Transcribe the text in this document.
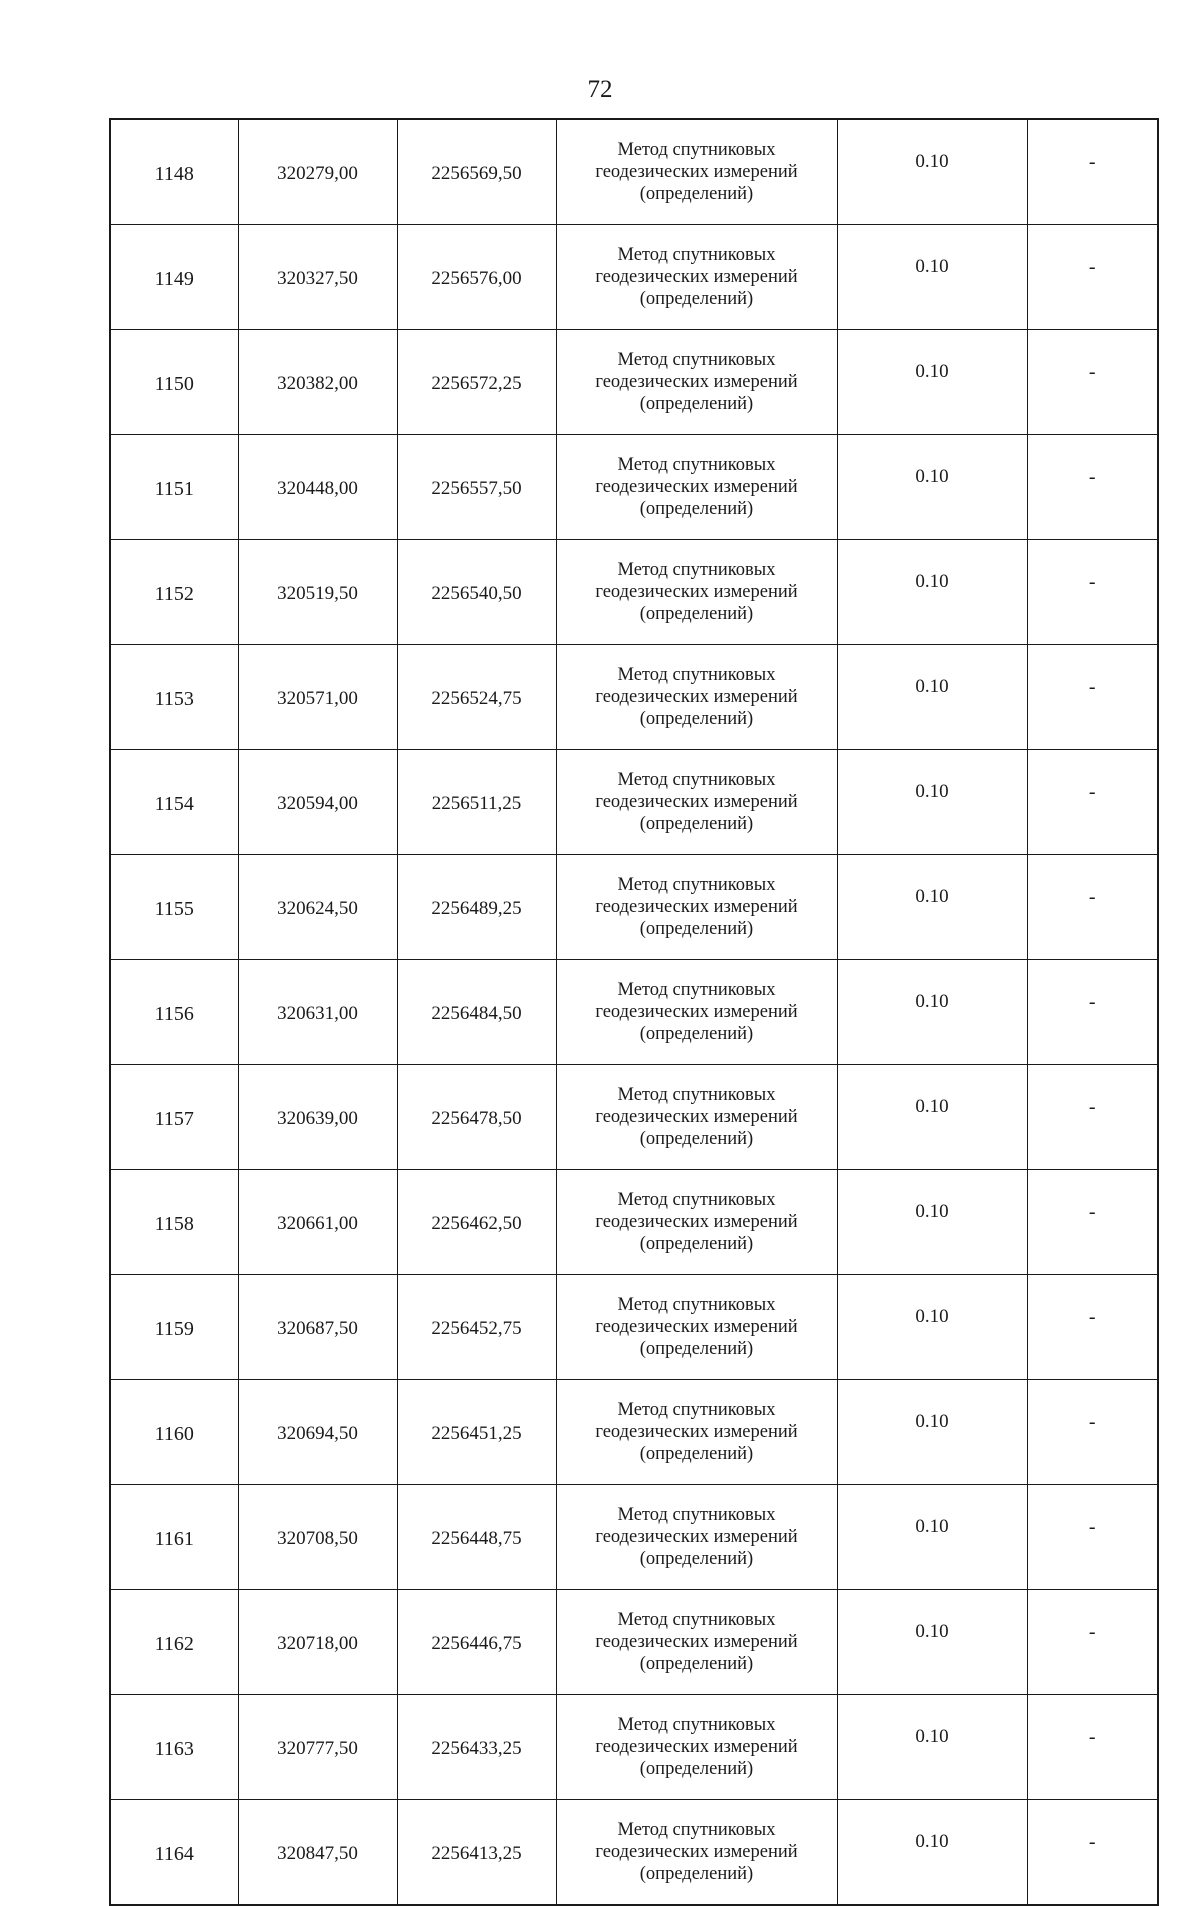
72
1148	320279,00	2256569,50	Метод спутниковых
геодезических измерений
(определений)	0.10	-
1149	320327,50	2256576,00	Метод спутниковых
геодезических измерений
(определений)	0.10	-
1150	320382,00	2256572,25	Метод спутниковых
геодезических измерений
(определений)	0.10	-
1151	320448,00	2256557,50	Метод спутниковых
геодезических измерений
(определений)	0.10	-
1152	320519,50	2256540,50	Метод спутниковых
геодезических измерений
(определений)	0.10	-
1153	320571,00	2256524,75	Метод спутниковых
геодезических измерений
(определений)	0.10	-
1154	320594,00	2256511,25	Метод спутниковых
геодезических измерений
(определений)	0.10	-
1155	320624,50	2256489,25	Метод спутниковых
геодезических измерений
(определений)	0.10	-
1156	320631,00	2256484,50	Метод спутниковых
геодезических измерений
(определений)	0.10	-
1157	320639,00	2256478,50	Метод спутниковых
геодезических измерений
(определений)	0.10	-
1158	320661,00	2256462,50	Метод спутниковых
геодезических измерений
(определений)	0.10	-
1159	320687,50	2256452,75	Метод спутниковых
геодезических измерений
(определений)	0.10	-
1160	320694,50	2256451,25	Метод спутниковых
геодезических измерений
(определений)	0.10	-
1161	320708,50	2256448,75	Метод спутниковых
геодезических измерений
(определений)	0.10	-
1162	320718,00	2256446,75	Метод спутниковых
геодезических измерений
(определений)	0.10	-
1163	320777,50	2256433,25	Метод спутниковых
геодезических измерений
(определений)	0.10	-
1164	320847,50	2256413,25	Метод спутниковых
геодезических измерений
(определений)	0.10	-
